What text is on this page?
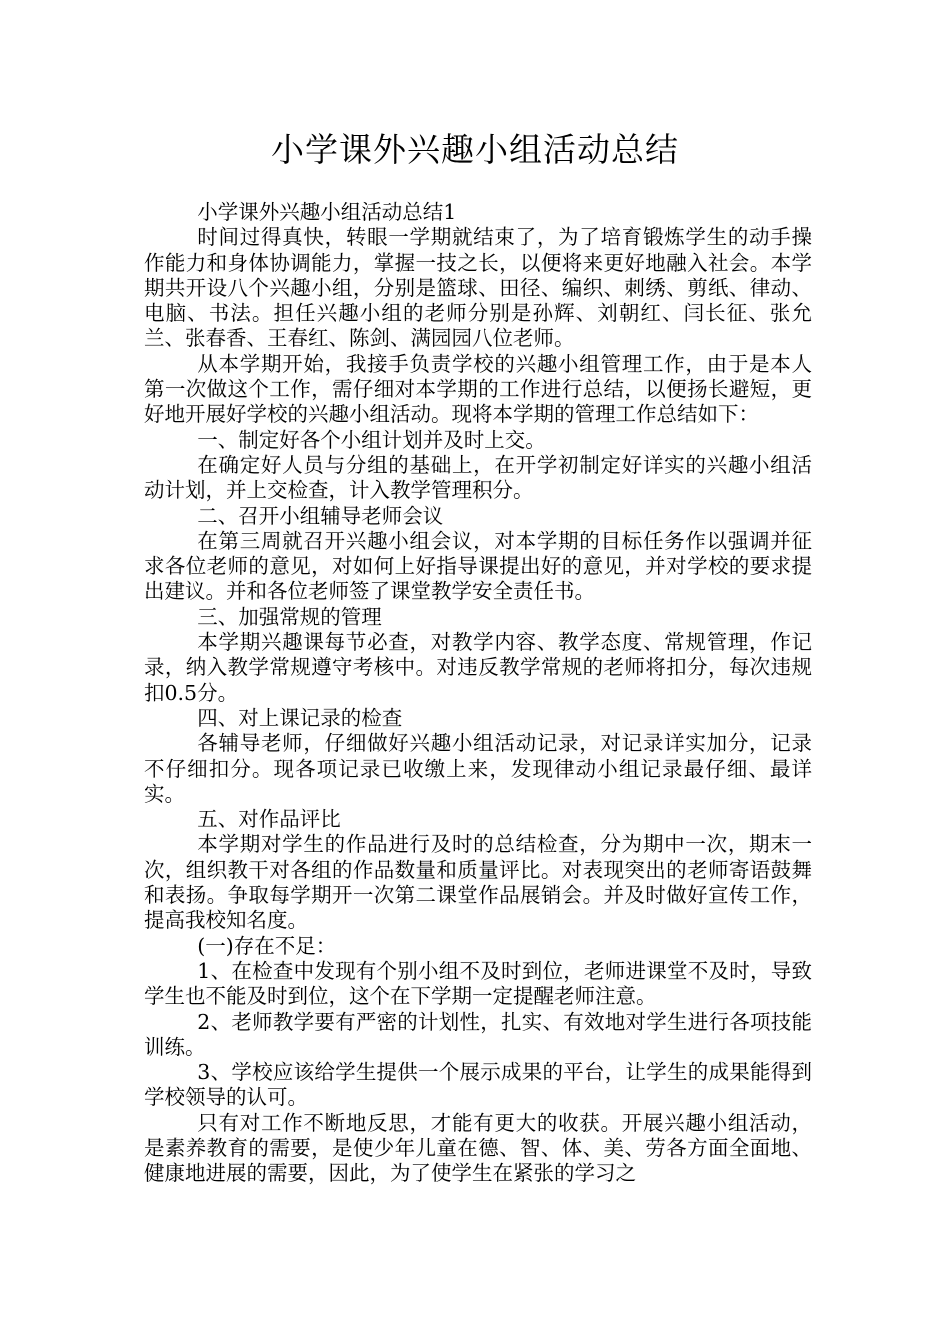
小学课外兴趣小组活动总结

小学课外兴趣小组活动总结1

时间过得真快，转眼一学期就结束了，为了培育锻炼学生的动手操作能力和身体协调能力，掌握一技之长，以便将来更好地融入社会。本学期共开设八个兴趣小组，分别是篮球、田径、编织、刺绣、剪纸、律动、电脑、书法。担任兴趣小组的老师分别是孙辉、刘朝红、闫长征、张允兰、张春香、王春红、陈剑、满园园八位老师。

从本学期开始，我接手负责学校的兴趣小组管理工作，由于是本人第一次做这个工作，需仔细对本学期的工作进行总结，以便扬长避短，更好地开展好学校的兴趣小组活动。现将本学期的管理工作总结如下：

一、制定好各个小组计划并及时上交。

在确定好人员与分组的基础上，在开学初制定好详实的兴趣小组活动计划，并上交检查，计入教学管理积分。

二、召开小组辅导老师会议

在第三周就召开兴趣小组会议，对本学期的目标任务作以强调并征求各位老师的意见，对如何上好指导课提出好的意见，并对学校的要求提出建议。并和各位老师签了课堂教学安全责任书。

三、加强常规的管理

本学期兴趣课每节必查，对教学内容、教学态度、常规管理，作记录，纳入教学常规遵守考核中。对违反教学常规的老师将扣分，每次违规扣0.5分。

四、对上课记录的检查

各辅导老师，仔细做好兴趣小组活动记录，对记录详实加分，记录不仔细扣分。现各项记录已收缴上来，发现律动小组记录最仔细、最详实。

五、对作品评比

本学期对学生的作品进行及时的总结检查，分为期中一次，期末一次，组织教干对各组的作品数量和质量评比。对表现突出的老师寄语鼓舞和表扬。争取每学期开一次第二课堂作品展销会。并及时做好宣传工作，提高我校知名度。

(一)存在不足：

1、在检查中发现有个别小组不及时到位，老师进课堂不及时，导致学生也不能及时到位，这个在下学期一定提醒老师注意。

2、老师教学要有严密的计划性，扎实、有效地对学生进行各项技能训练。

3、学校应该给学生提供一个展示成果的平台，让学生的成果能得到学校领导的认可。

只有对工作不断地反思，才能有更大的收获。开展兴趣小组活动，是素养教育的需要，是使少年儿童在德、智、体、美、劳各方面全面地、健康地进展的需要，因此，为了使学生在紧张的学习之
